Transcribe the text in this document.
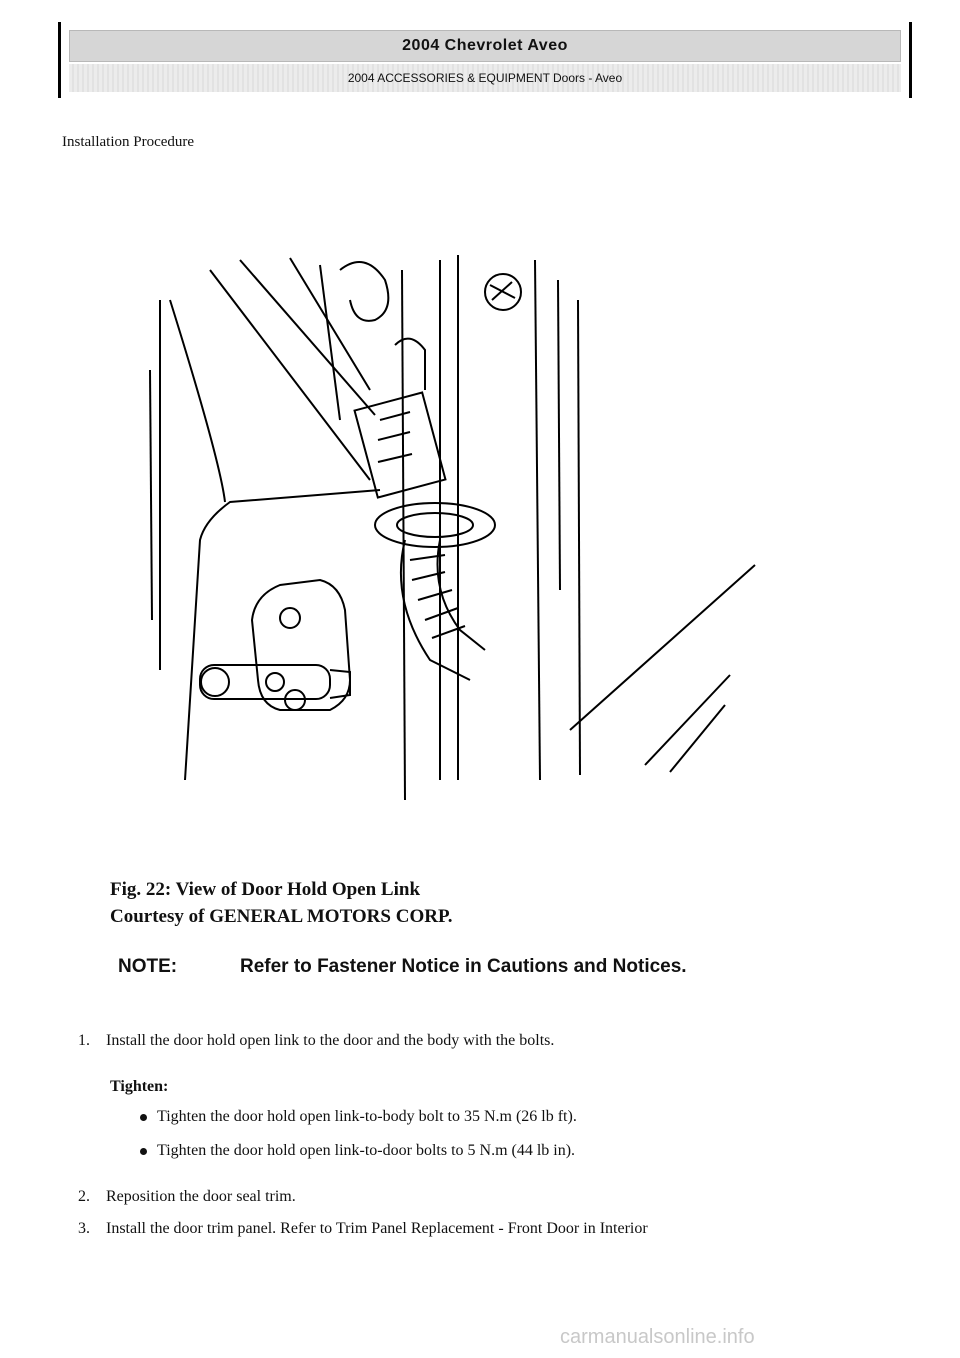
2004 Chevrolet Aveo
2004 ACCESSORIES & EQUIPMENT Doors - Aveo
Installation Procedure
Fig. 22: View of Door Hold Open Link
Courtesy of GENERAL MOTORS CORP.
NOTE:	Refer to Fastener Notice in Cautions and Notices.
1. Install the door hold open link to the door and the body with the bolts.
Tighten:
Tighten the door hold open link-to-body bolt to 35 N.m (26 lb ft).
Tighten the door hold open link-to-door bolts to 5 N.m (44 lb in).
2. Reposition the door seal trim.
3. Install the door trim panel. Refer to Trim Panel Replacement - Front Door in Interior
carmanualsonline.info
